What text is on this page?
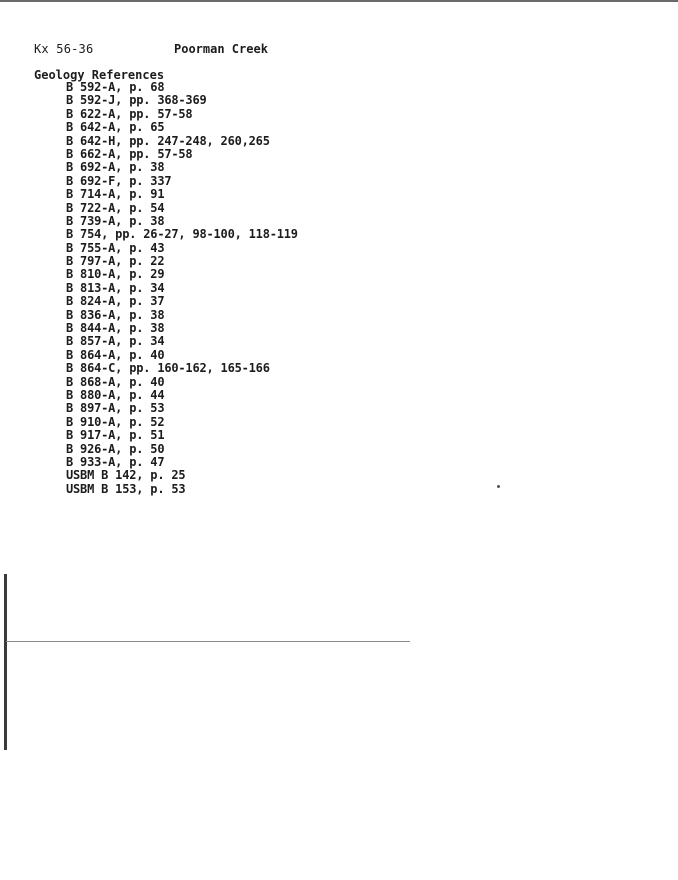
Kx 56-36	Poorman Creek
Geology References
B 592-A, p. 68
B 592-J, pp. 368-369
B 622-A, pp. 57-58
B 642-A, p. 65
B 642-H, pp. 247-248, 260,265
B 662-A, pp. 57-58
B 692-A, p. 38
B 692-F, p. 337
B 714-A, p. 91
B 722-A, p. 54
B 739-A, p. 38
B 754, pp. 26-27, 98-100, 118-119
B 755-A, p. 43
B 797-A, p. 22
B 810-A, p. 29
B 813-A, p. 34
B 824-A, p. 37
B 836-A, p. 38
B 844-A, p. 38
B 857-A, p. 34
B 864-A, p. 40
B 864-C, pp. 160-162, 165-166
B 868-A, p. 40
B 880-A, p. 44
B 897-A, p. 53
B 910-A, p. 52
B 917-A, p. 51
B 926-A, p. 50
B 933-A, p. 47
USBM B 142, p. 25
USBM B 153, p. 53
